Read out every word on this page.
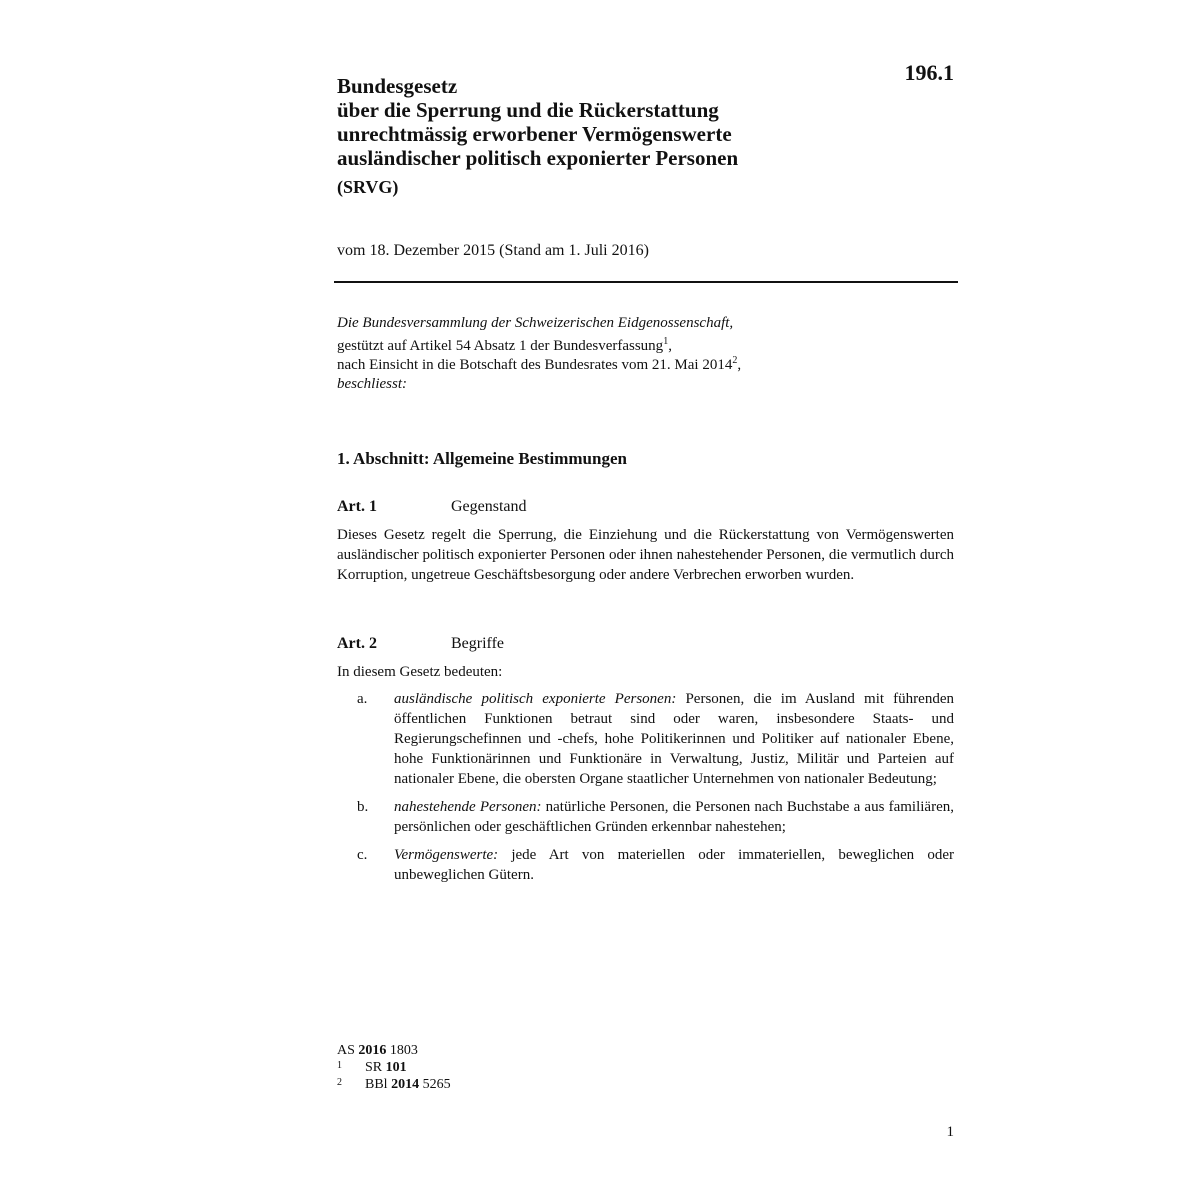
196.1
Bundesgesetz
über die Sperrung und die Rückerstattung
unrechtmässig erworbener Vermögenswerte
ausländischer politisch exponierter Personen
(SRVG)
vom 18. Dezember 2015 (Stand am 1. Juli 2016)
Die Bundesversammlung der Schweizerischen Eidgenossenschaft,
gestützt auf Artikel 54 Absatz 1 der Bundesverfassung$^1$,
nach Einsicht in die Botschaft des Bundesrates vom 21. Mai 2014$^2$,
beschliesst:
1. Abschnitt: Allgemeine Bestimmungen
Art. 1	Gegenstand
Dieses Gesetz regelt die Sperrung, die Einziehung und die Rückerstattung von Vermögenswerten ausländischer politisch exponierter Personen oder ihnen nahestehender Personen, die vermutlich durch Korruption, ungetreue Geschäftsbesorgung oder andere Verbrechen erworben wurden.
Art. 2	Begriffe
In diesem Gesetz bedeuten:
a.	ausländische politisch exponierte Personen: Personen, die im Ausland mit führenden öffentlichen Funktionen betraut sind oder waren, insbesondere Staats- und Regierungschefinnen und -chefs, hohe Politikerinnen und Politiker auf nationaler Ebene, hohe Funktionärinnen und Funktionäre in Verwaltung, Justiz, Militär und Parteien auf nationaler Ebene, die obersten Organe staatlicher Unternehmen von nationaler Bedeutung;
b.	nahestehende Personen: natürliche Personen, die Personen nach Buchstabe a aus familiären, persönlichen oder geschäftlichen Gründen erkennbar nahestehen;
c.	Vermögenswerte: jede Art von materiellen oder immateriellen, beweglichen oder unbeweglichen Gütern.
AS 2016 1803
1	SR 101
2	BBl 2014 5265
1
